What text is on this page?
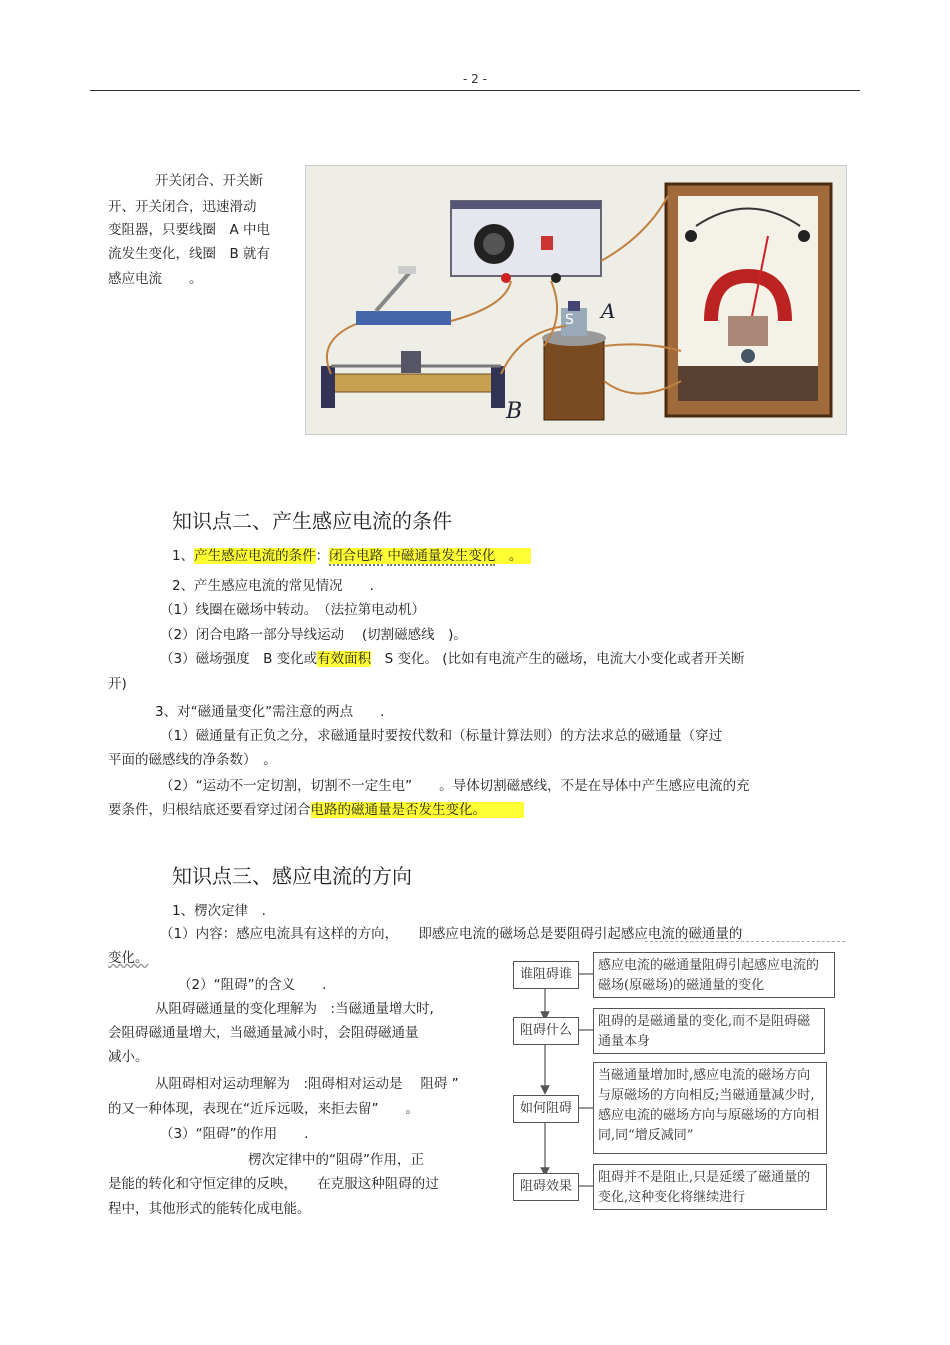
- 2 -
开关闭合、开关断
开、开关闭合，迅速滑动
变阻器，只要线圈　A 中电
流发生变化，线圈　B 就有
感应电流　　。
S A
B
知识点二、产生感应电流的条件
1、产生感应电流的条件：闭合电路 中磁通量发生变化　 。　
2、产生感应电流的常见情况　　.
（1）线圈在磁场中转动。　（法拉第电动机）
（2）闭合电路一部分导线运动　 (切割磁感线　)。
（3）磁场强度　B 变化或有效面积　S 变化。 (比如有电流产生的磁场，电流大小变化或者开关断
开)
3、对“磁通量变化”需注意的两点　　.
（1）磁通量有正负之分，求磁通量时要按代数和（标量计算法则）的方法求总的磁通量（穿过
平面的磁感线的净条数）　。
（2）“运动不一定切割，切割不一定生电”　　。导体切割磁感线，不是在导体中产生感应电流的充
要条件，归根结底还要看穿过闭合电路的磁通量是否发生变化。
知识点三、感应电流的方向
1、楞次定律　.
（1）内容：感应电流具有这样的方向，　　即感应电流的磁场总是要阻碍引起感应电流的磁通量的
变化。
（2）“阻碍”的含义　　.
从阻碍磁通量的变化理解为　:当磁通量增大时,
会阻碍磁通量增大，当磁通量减小时，会阻碍磁通量
减小。
从阻碍相对运动理解为　:阻碍相对运动是　 阻碍 ”
的又一种体现，表现在“近斥远吸，来拒去留”　　。
（3）“阻碍”的作用　　.
楞次定律中的“阻碍”作用，正
是能的转化和守恒定律的反映，　　在克服这种阻碍的过
程中，其他形式的能转化成电能。
谁阻碍谁
感应电流的磁通量阻碍引起感应电流的磁场(原磁场)的磁通量的变化
阻碍什么
阻碍的是磁通量的变化,而不是阻碍磁通量本身
如何阻碍
当磁通量增加时,感应电流的磁场方向与原磁场的方向相反;当磁通量减少时,感应电流的磁场方向与原磁场的方向相同,同“增反减同”
阻碍效果
阻碍并不是阻止,只是延缓了磁通量的变化,这种变化将继续进行
